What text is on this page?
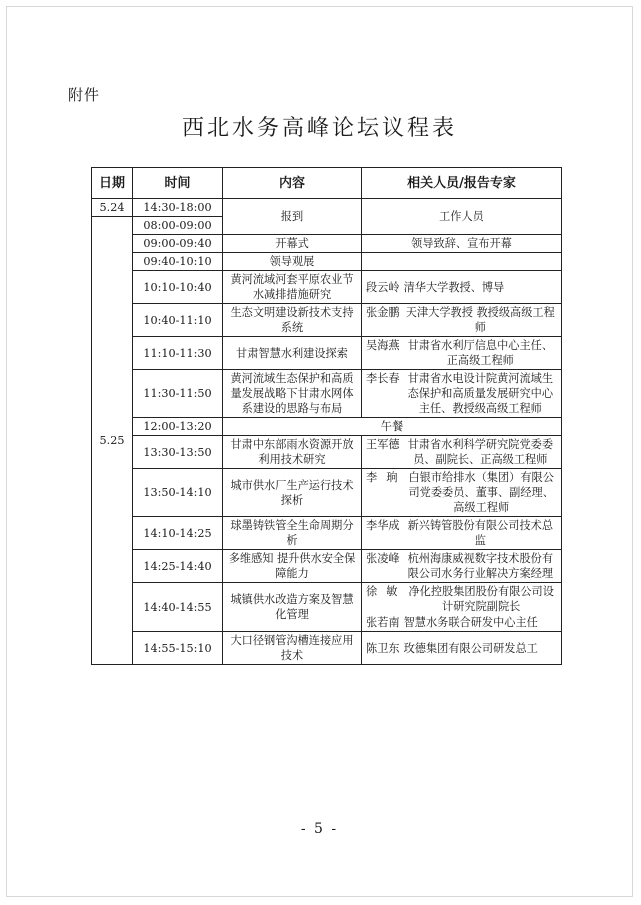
附件
西北水务高峰论坛议程表
- 5 -
日期	时间	内容	相关人员/报告专家
5.24	14:30-18:00	报到	工作人员
5.25	08:00-09:00		
	09:00-09:40	开幕式	领导致辞、宣布开幕
	09:40-10:10	领导观展	
	10:10-10:40	黄河流域河套平原农业节水减排措施研究	段云岭 清华大学教授、博导

	10:40-11:10	生态文明建设新技术支持系统	张金鹏 天津大学教授 教授级高级工程师

	11:10-11:30	甘肃智慧水利建设探索	吴海燕 甘肃省水利厅信息中心主任、正高级工程师

	11:30-11:50	黄河流域生态保护和高质量发展战略下甘肃水网体系建设的思路与布局	李长春 甘肃省水电设计院黄河流域生态保护和高质量发展研究中心主任、教授级高级工程师

	12:00-13:20	午餐	
	13:30-13:50	甘肃中东部雨水资源开放利用技术研究	王军德 甘肃省水利科学研究院党委委员、副院长、正高级工程师

	13:50-14:10	城市供水厂生产运行技术探析	李珦 白银市给排水（集团）有限公司党委委员、董事、副经理、高级工程师

	14:10-14:25	球墨铸铁管全生命周期分析	李华成 新兴铸管股份有限公司技术总监

	14:25-14:40	多维感知 提升供水安全保障能力	张凌峰 杭州海康威视数字技术股份有限公司水务行业解决方案经理

	14:40-14:55	城镇供水改造方案及智慧化管理	徐敏 净化控股集团股份有限公司设计研究院副院长
张若南 智慧水务联合研发中心主任

	14:55-15:10	大口径钢管沟槽连接应用技术	陈卫东 玫德集团有限公司研发总工
